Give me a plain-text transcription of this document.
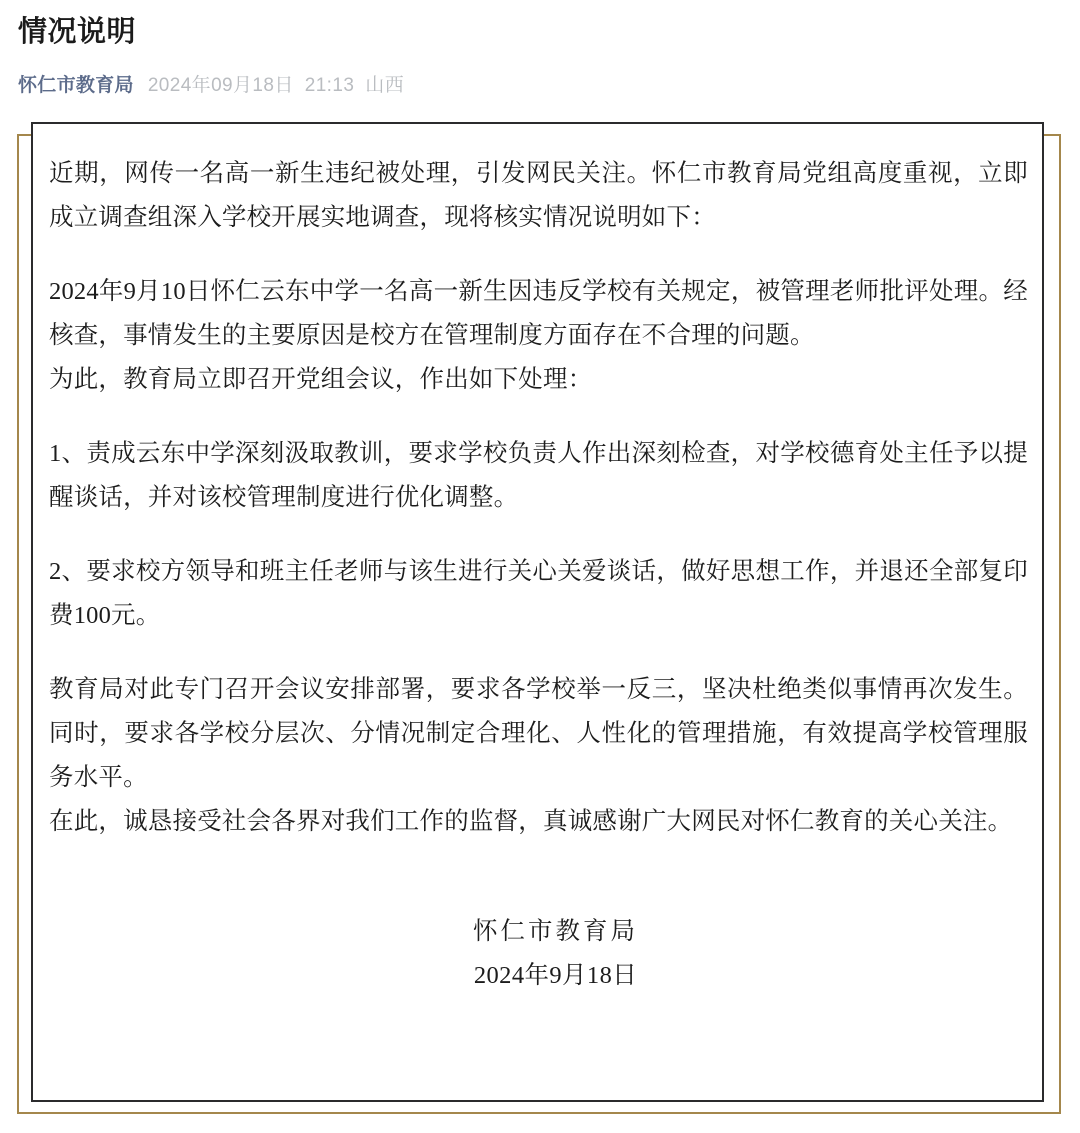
情况说明
怀仁市教育局 2024年09月18日 21:13 山西

近期，网传一名高一新生违纪被处理，引发网民关注。怀仁市教育局党组高度重视，立即成立调查组深入学校开展实地调查，现将核实情况说明如下：

2024年9月10日怀仁云东中学一名高一新生因违反学校有关规定，被管理老师批评处理。经核查，事情发生的主要原因是校方在管理制度方面存在不合理的问题。

为此，教育局立即召开党组会议，作出如下处理：

1、责成云东中学深刻汲取教训，要求学校负责人作出深刻检查，对学校德育处主任予以提醒谈话，并对该校管理制度进行优化调整。

2、要求校方领导和班主任老师与该生进行关心关爱谈话，做好思想工作，并退还全部复印费100元。

教育局对此专门召开会议安排部署，要求各学校举一反三，坚决杜绝类似事情再次发生。同时，要求各学校分层次、分情况制定合理化、人性化的管理措施，有效提高学校管理服务水平。

在此，诚恳接受社会各界对我们工作的监督，真诚感谢广大网民对怀仁教育的关心关注。

怀仁市教育局
2024年9月18日
